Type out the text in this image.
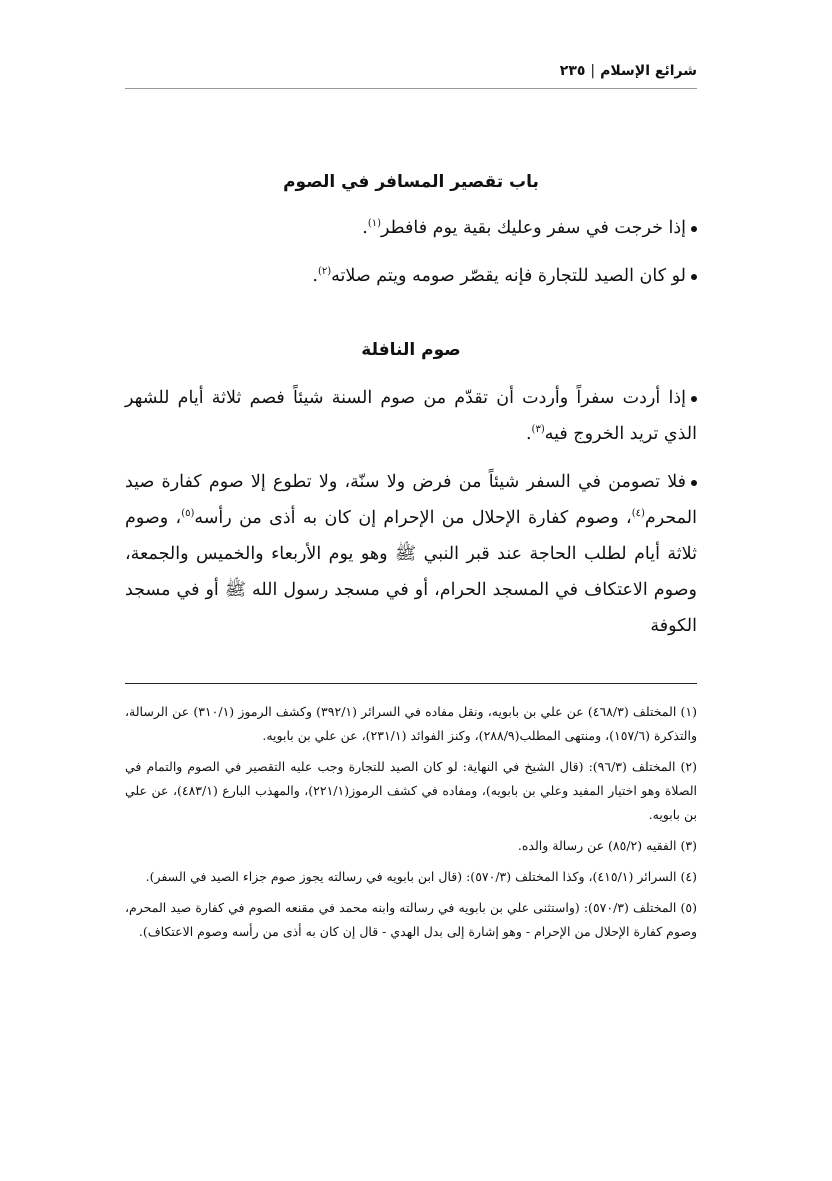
شرائع الإسلام|٢٣٥
باب تقصير المسافر في الصوم

إذا خرجت في سفر وعليك بقية يوم فافطر$^{(١)}$.

لو كان الصيد للتجارة فإنه يقصّر صومه ويتم صلاته$^{(٢)}$.

صوم النافلة

إذا أردت سفراً وأردت أن تقدّم من صوم السنة شيئاً فصم ثلاثة أيام للشهر الذي تريد الخروج فيه$^{(٣)}$.

فلا تصومن في السفر شيئاً من فرض ولا سنّة، ولا تطوع إلا صوم كفارة صيد المحرم$^{(٤)}$، وصوم كفارة الإحلال من الإحرام إن كان به أذى من رأسه$^{(٥)}$، وصوم ثلاثة أيام لطلب الحاجة عند قبر النبي ﷺ وهو يوم الأربعاء والخميس والجمعة، وصوم الاعتكاف في المسجد الحرام، أو في مسجد رسول الله ﷺ أو في مسجد الكوفة

(١) المختلف (٤٦٨/٣) عن علي بن بابويه، ونقل مفاده في السرائر (٣٩٢/١) وكشف الرموز (٣١٠/١) عن الرسالة، والتذكرة (١٥٧/٦)، ومنتهى المطلب(٢٨٨/٩)، وكنز الفوائد (٢٣١/١)، عن علي بن بابويه.

(٢) المختلف (٩٦/٣): (قال الشيخ في النهاية: لو كان الصيد للتجارة وجب عليه التقصير في الصوم والتمام في الصلاة وهو اختيار المفيد وعلي بن بابويه)، ومفاده في كشف الرموز(٢٢١/١)، والمهذب البارع (٤٨٣/١)، عن علي بن بابويه.

(٣) الفقيه (٨٥/٢) عن رسالة والده.

(٤) السرائر (٤١٥/١)، وكذا المختلف (٥٧٠/٣): (قال ابن بابويه في رسالته يجوز صوم جزاء الصيد في السفر).

(٥) المختلف (٥٧٠/٣): (واستثنى علي بن بابويه في رسالته وابنه محمد في مقنعه الصوم في كفارة صيد المحرم، وصوم كفارة الإحلال من الإحرام - وهو إشارة إلى بدل الهدي - قال إن كان به أذى من رأسه وصوم الاعتكاف).
